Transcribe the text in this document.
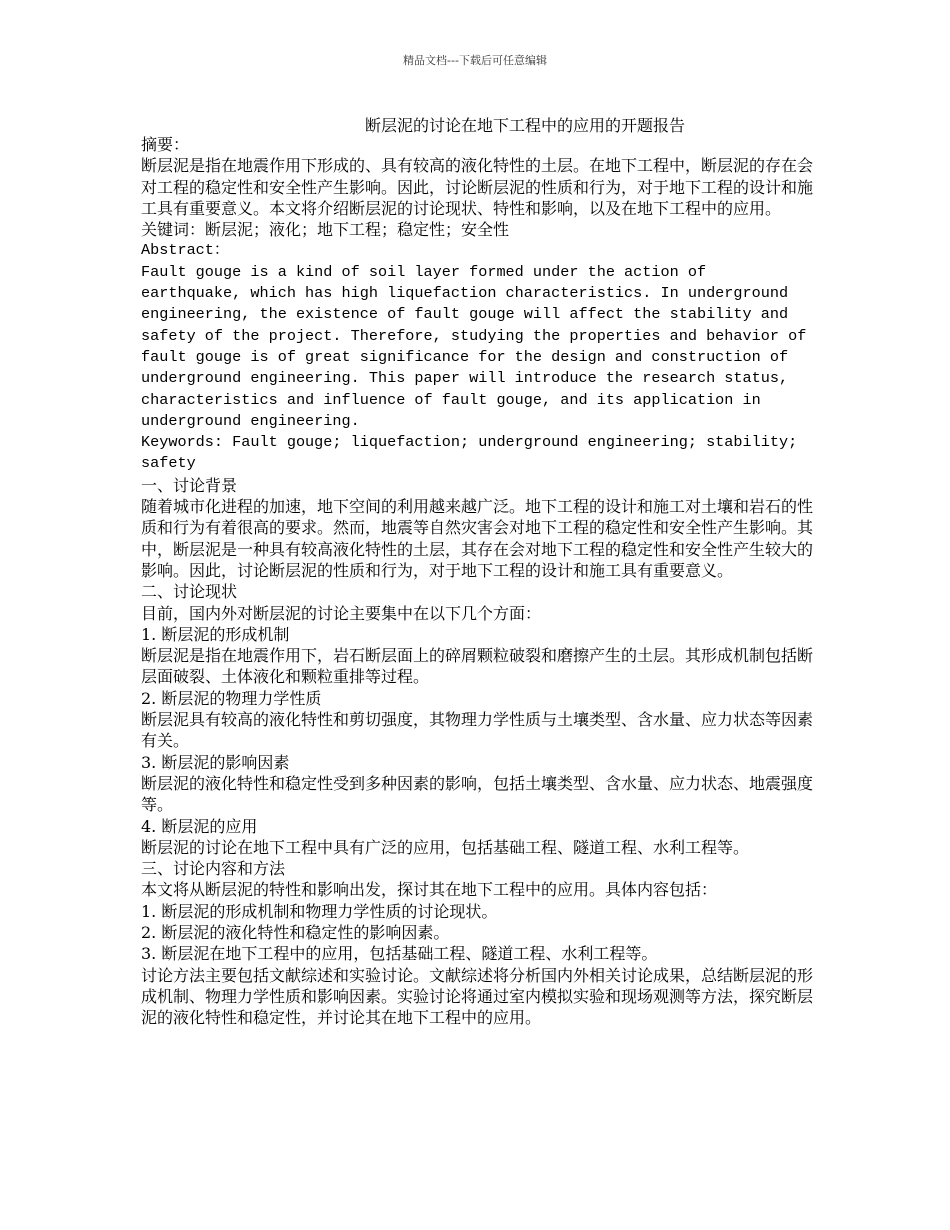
精品文档---下载后可任意编辑
断层泥的讨论在地下工程中的应用的开题报告

摘要：

断层泥是指在地震作用下形成的、具有较高的液化特性的土层。在地下工程中，断层泥的存在会对工程的稳定性和安全性产生影响。因此，讨论断层泥的性质和行为，对于地下工程的设计和施工具有重要意义。本文将介绍断层泥的讨论现状、特性和影响，以及在地下工程中的应用。

关键词：断层泥；液化；地下工程；稳定性；安全性

Abstract：

Fault gouge is a kind of soil layer formed under the action of earthquake, which has high liquefaction characteristics. In underground engineering, the existence of fault gouge will affect the stability and safety of the project. Therefore, studying the properties and behavior of fault gouge is of great significance for the design and construction of underground engineering. This paper will introduce the research status, characteristics and influence of fault gouge, and its application in underground engineering.

Keywords: Fault gouge; liquefaction; underground engineering; stability; safety

一、讨论背景

随着城市化进程的加速，地下空间的利用越来越广泛。地下工程的设计和施工对土壤和岩石的性质和行为有着很高的要求。然而，地震等自然灾害会对地下工程的稳定性和安全性产生影响。其中，断层泥是一种具有较高液化特性的土层，其存在会对地下工程的稳定性和安全性产生较大的影响。因此，讨论断层泥的性质和行为，对于地下工程的设计和施工具有重要意义。

二、讨论现状

目前，国内外对断层泥的讨论主要集中在以下几个方面：

1. 断层泥的形成机制

断层泥是指在地震作用下，岩石断层面上的碎屑颗粒破裂和磨擦产生的土层。其形成机制包括断层面破裂、土体液化和颗粒重排等过程。

2. 断层泥的物理力学性质

断层泥具有较高的液化特性和剪切强度，其物理力学性质与土壤类型、含水量、应力状态等因素有关。

3. 断层泥的影响因素

断层泥的液化特性和稳定性受到多种因素的影响，包括土壤类型、含水量、应力状态、地震强度等。

4. 断层泥的应用

断层泥的讨论在地下工程中具有广泛的应用，包括基础工程、隧道工程、水利工程等。

三、讨论内容和方法

本文将从断层泥的特性和影响出发，探讨其在地下工程中的应用。具体内容包括：

1. 断层泥的形成机制和物理力学性质的讨论现状。

2. 断层泥的液化特性和稳定性的影响因素。

3. 断层泥在地下工程中的应用，包括基础工程、隧道工程、水利工程等。

讨论方法主要包括文献综述和实验讨论。文献综述将分析国内外相关讨论成果，总结断层泥的形成机制、物理力学性质和影响因素。实验讨论将通过室内模拟实验和现场观测等方法，探究断层泥的液化特性和稳定性，并讨论其在地下工程中的应用。
